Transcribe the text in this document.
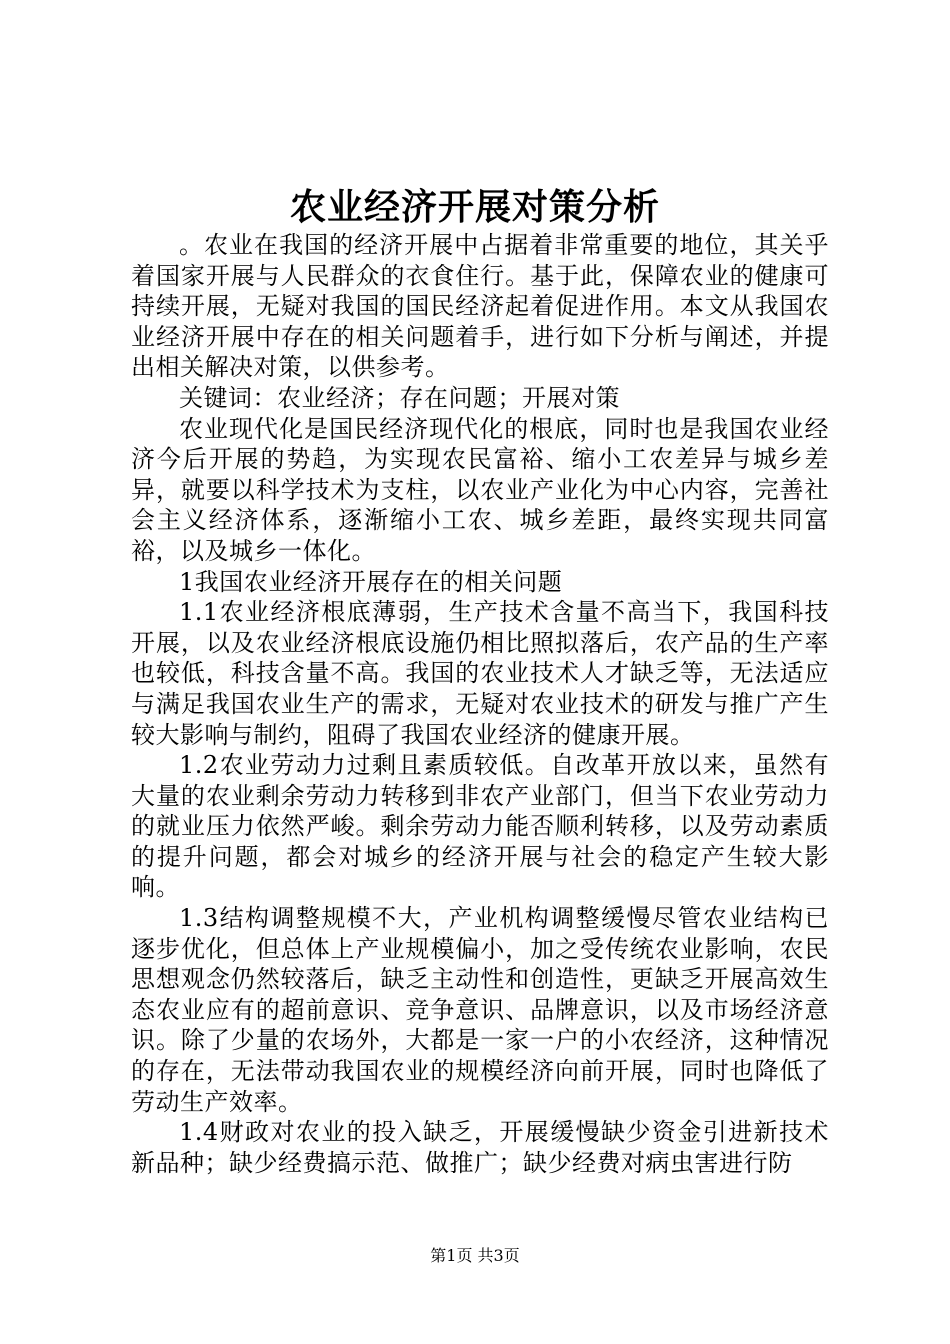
农业经济开展对策分析

。农业在我国的经济开展中占据着非常重要的地位，其关乎着国家开展与人民群众的衣食住行。基于此，保障农业的健康可持续开展，无疑对我国的国民经济起着促进作用。本文从我国农业经济开展中存在的相关问题着手，进行如下分析与阐述，并提出相关解决对策，以供参考。

关键词：农业经济；存在问题；开展对策

农业现代化是国民经济现代化的根底，同时也是我国农业经济今后开展的势趋，为实现农民富裕、缩小工农差异与城乡差异，就要以科学技术为支柱，以农业产业化为中心内容，完善社会主义经济体系，逐渐缩小工农、城乡差距，最终实现共同富裕，以及城乡一体化。

1我国农业经济开展存在的相关问题

1.1农业经济根底薄弱，生产技术含量不高当下，我国科技开展，以及农业经济根底设施仍相比照拟落后，农产品的生产率也较低，科技含量不高。我国的农业技术人才缺乏等，无法适应与满足我国农业生产的需求，无疑对农业技术的研发与推广产生较大影响与制约，阻碍了我国农业经济的健康开展。

1.2农业劳动力过剩且素质较低。自改革开放以来，虽然有大量的农业剩余劳动力转移到非农产业部门，但当下农业劳动力的就业压力依然严峻。剩余劳动力能否顺利转移，以及劳动素质的提升问题，都会对城乡的经济开展与社会的稳定产生较大影响。

1.3结构调整规模不大，产业机构调整缓慢尽管农业结构已逐步优化，但总体上产业规模偏小，加之受传统农业影响，农民思想观念仍然较落后，缺乏主动性和创造性，更缺乏开展高效生态农业应有的超前意识、竞争意识、品牌意识，以及市场经济意识。除了少量的农场外，大都是一家一户的小农经济，这种情况的存在，无法带动我国农业的规模经济向前开展，同时也降低了劳动生产效率。

1.4财政对农业的投入缺乏，开展缓慢缺少资金引进新技术新品种；缺少经费搞示范、做推广；缺少经费对病虫害进行防

第1页 共3页
